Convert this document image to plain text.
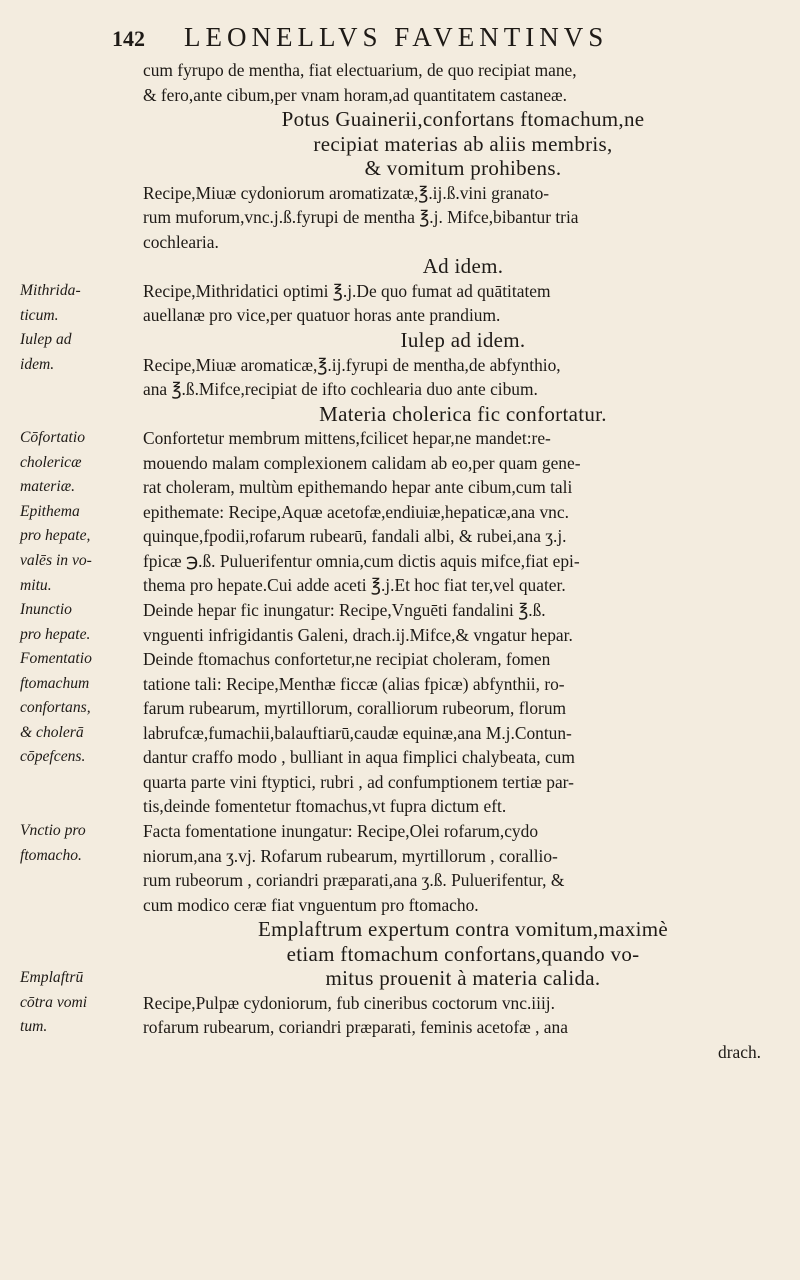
142 LEONELLVS FAVENTINVS
cum fyrupo de mentha, fiat electuarium, de quo recipiat mane,
& fero,ante cibum,per vnam horam,ad quantitatem castaneæ.
Potus Guainerii,confortans ftomachum,ne
recipiat materias ab aliis membris,
& vomitum prohibens.
Recipe,Miuæ cydoniorum aromatizatæ,℥.ij.ß.vini granato-
rum muforum,vnc.j.ß.fyrupi de mentha ℥.j. Mifce,bibantur tria
cochlearia.
Ad idem.
Recipe,Mithridatici optimi ℥.j.De quo fumat ad quātitatem
auellanæ pro vice,per quatuor horas ante prandium.
Iulep ad idem.
Recipe,Miuæ aromaticæ,℥.ij.fyrupi de mentha,de abfynthio,
ana ℥.ß.Mifce,recipiat de ifto cochlearia duo ante cibum.
Materia cholerica fic confortatur.
Confortetur membrum mittens,fcilicet hepar,ne mandet:re-
mouendo malam complexionem calidam ab eo,per quam gene-
rat choleram, multùm epithemando hepar ante cibum,cum tali
epithemate: Recipe,Aquæ acetofæ,endiuiæ,hepaticæ,ana vnc.
quinque,fpodii,rofarum rubearū, fandali albi, & rubei,ana ʒ.j.
fpicæ ℈.ß. Puluerifentur omnia,cum dictis aquis mifce,fiat epi-
thema pro hepate.Cui adde aceti ℥.j.Et hoc fiat ter,vel quater.
Deinde hepar fic inungatur: Recipe,Vnguēti fandalini ℥.ß.
vnguenti infrigidantis Galeni, drach.ij.Mifce,& vngatur hepar.
Deinde ftomachus confortetur,ne recipiat choleram, fomen
tatione tali: Recipe,Menthæ ficcæ (alias fpicæ) abfynthii, ro-
farum rubearum, myrtillorum, coralliorum rubeorum, florum
labrufcæ,fumachii,balauftiarū,caudæ equinæ,ana M.j.Contun-
dantur craffo modo , bulliant in aqua fimplici chalybeata, cum
quarta parte vini ftyptici, rubri , ad confumptionem tertiæ par-
tis,deinde fomentetur ftomachus,vt fupra dictum eft.
Facta fomentatione inungatur: Recipe,Olei rofarum,cydo
niorum,ana ʒ.vj. Rofarum rubearum, myrtillorum , corallio-
rum rubeorum , coriandri præparati,ana ʒ.ß. Puluerifentur, &
cum modico ceræ fiat vnguentum pro ftomacho.
Emplaftrum expertum contra vomitum,maximè
etiam ftomachum confortans,quando vo-
mitus prouenit à materia calida.
Recipe,Pulpæ cydoniorum, fub cineribus coctorum vnc.iiij.
rofarum rubearum, coriandri præparati, feminis acetofæ , ana
drach.
Mithrida-
ticum.
Iulep ad
idem.
Cōfortatio
cholericæ
materiæ.
Epithema
pro hepate,
valēs in vo-
mitu.
Inunctio
pro hepate.
Fomentatio
ftomachum
confortans,
& cholerā
cōpefcens.
Vnctio pro
ftomacho.
Emplaftrū
cōtra vomi
tum.
